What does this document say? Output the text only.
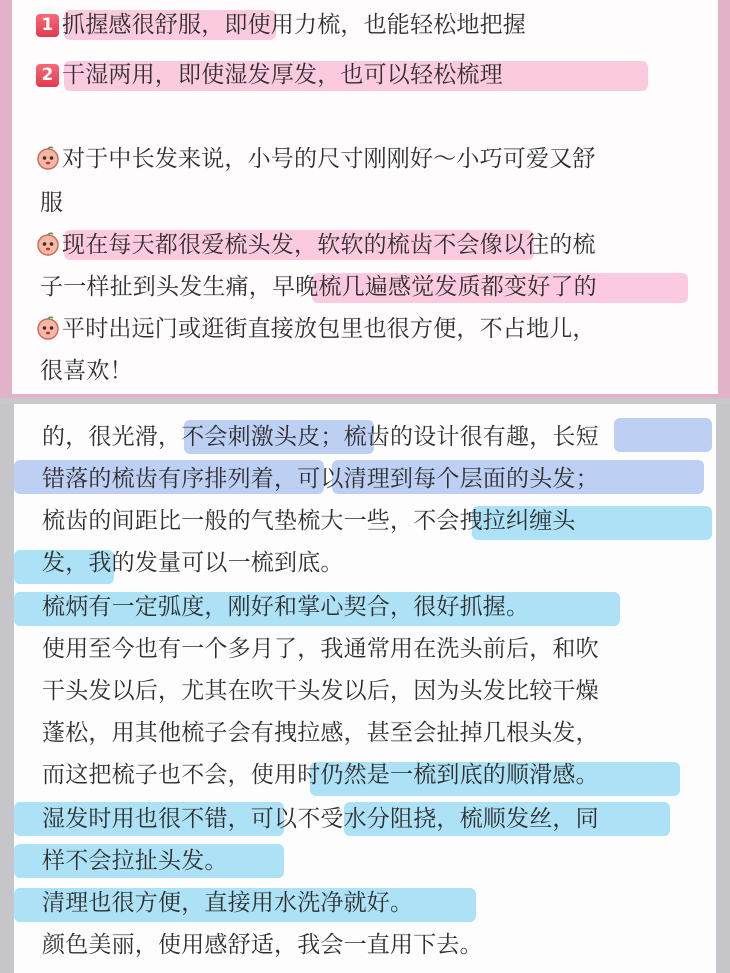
1 抓握感很舒服，即使用力梳，也能轻松地把握
2 干湿两用，即使湿发厚发，也可以轻松梳理
对于中长发来说，小号的尺寸刚刚好～小巧可爱又舒
服
现在每天都很爱梳头发，软软的梳齿不会像以往的梳
子一样扯到头发生痛，早晚梳几遍感觉发质都变好了的
平时出远门或逛街直接放包里也很方便，不占地儿，
很喜欢！
的，很光滑，不会刺激头皮；梳齿的设计很有趣，长短
错落的梳齿有序排列着，可以清理到每个层面的头发；
梳齿的间距比一般的气垫梳大一些，不会拽拉纠缠头
发，我的发量可以一梳到底。
梳炳有一定弧度，刚好和掌心契合，很好抓握。
使用至今也有一个多月了，我通常用在洗头前后，和吹
干头发以后，尤其在吹干头发以后，因为头发比较干燥
蓬松，用其他梳子会有拽拉感，甚至会扯掉几根头发，
而这把梳子也不会，使用时仍然是一梳到底的顺滑感。
湿发时用也很不错，可以不受水分阻挠，梳顺发丝，同
样不会拉扯头发。
清理也很方便，直接用水洗净就好。
颜色美丽，使用感舒适，我会一直用下去。
